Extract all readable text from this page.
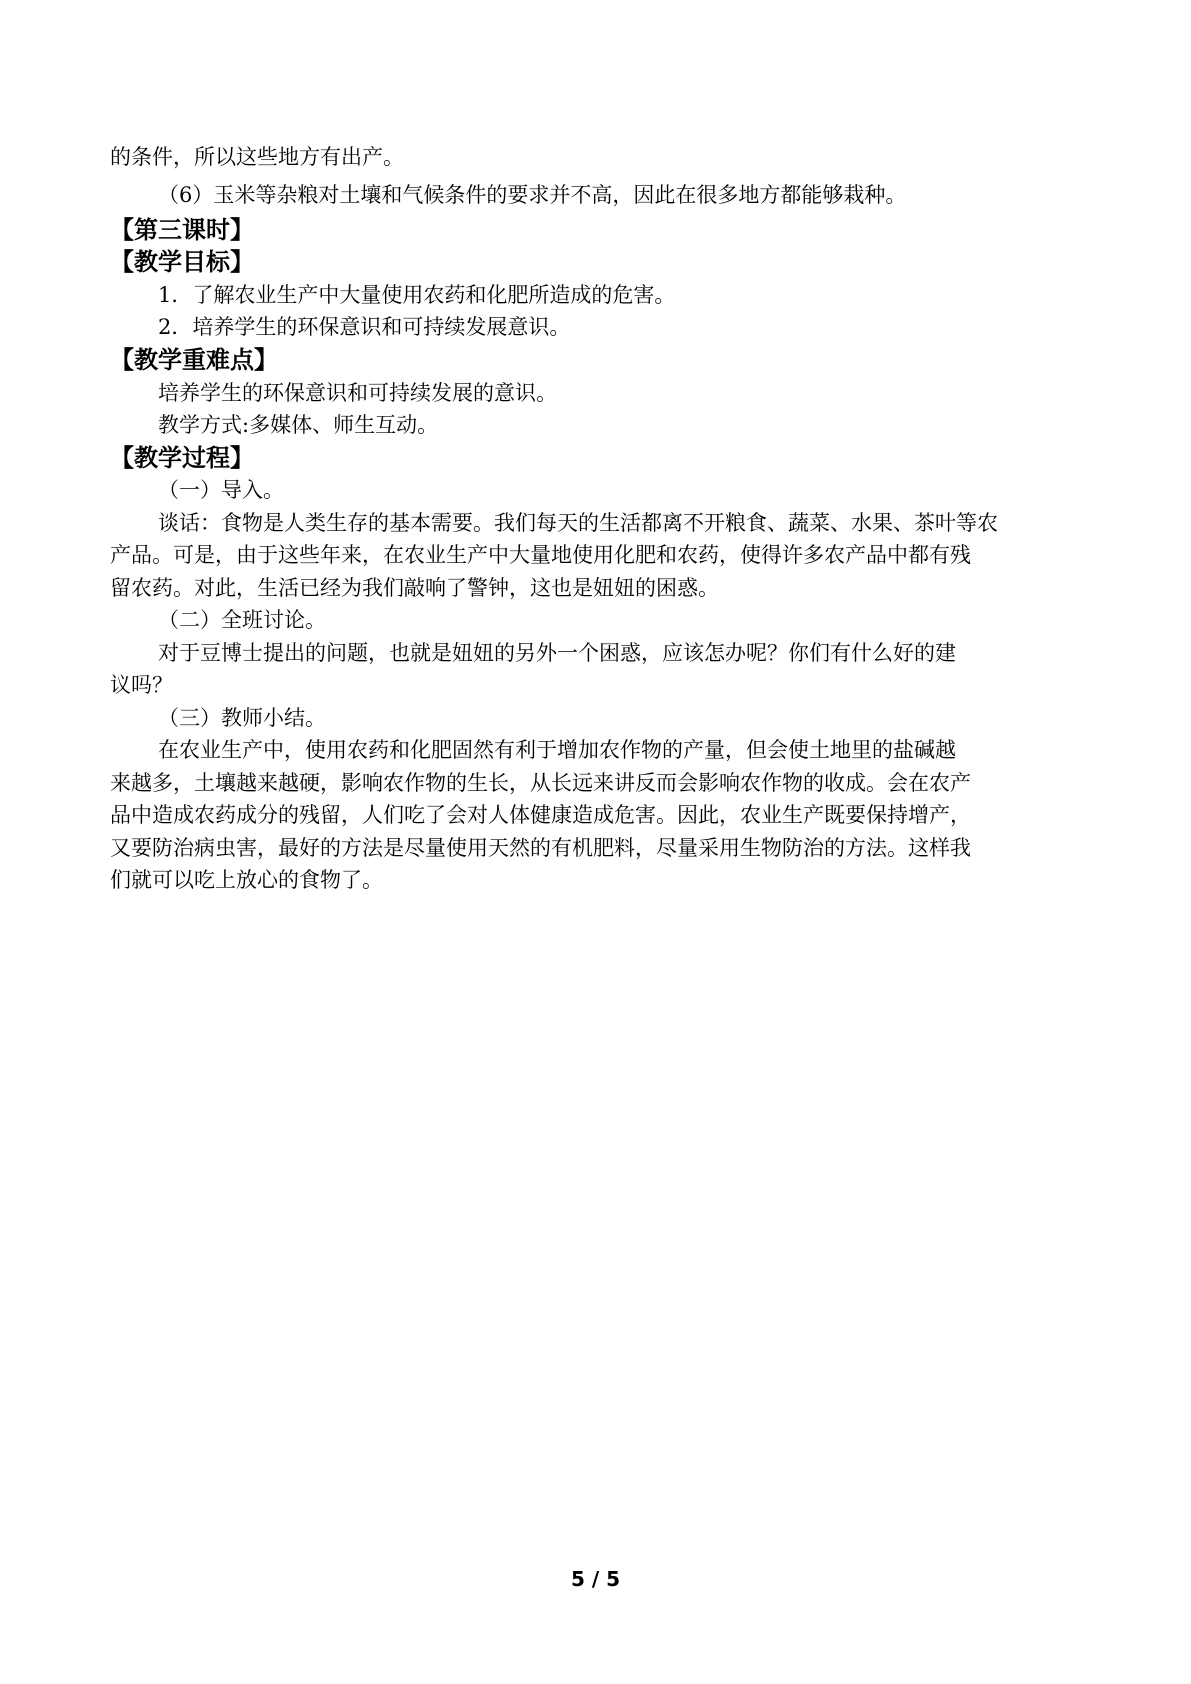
的条件，所以这些地方有出产。
（6）玉米等杂粮对土壤和气候条件的要求并不高，因此在很多地方都能够栽种。
【第三课时】
【教学目标】
1．了解农业生产中大量使用农药和化肥所造成的危害。
2．培养学生的环保意识和可持续发展意识。
【教学重难点】
培养学生的环保意识和可持续发展的意识。
教学方式:多媒体、师生互动。
【教学过程】
（一）导入。
谈话：食物是人类生存的基本需要。我们每天的生活都离不开粮食、蔬菜、水果、茶叶等农
产品。可是，由于这些年来，在农业生产中大量地使用化肥和农药，使得许多农产品中都有残
留农药。对此，生活已经为我们敲响了警钟，这也是妞妞的困惑。
（二）全班讨论。
对于豆博士提出的问题，也就是妞妞的另外一个困惑，应该怎办呢？你们有什么好的建
议吗？
（三）教师小结。
在农业生产中，使用农药和化肥固然有利于增加农作物的产量，但会使土地里的盐碱越
来越多，土壤越来越硬，影响农作物的生长，从长远来讲反而会影响农作物的收成。会在农产
品中造成农药成分的残留，人们吃了会对人体健康造成危害。因此，农业生产既要保持增产，
又要防治病虫害，最好的方法是尽量使用天然的有机肥料，尽量采用生物防治的方法。这样我
们就可以吃上放心的食物了。
5 / 5
